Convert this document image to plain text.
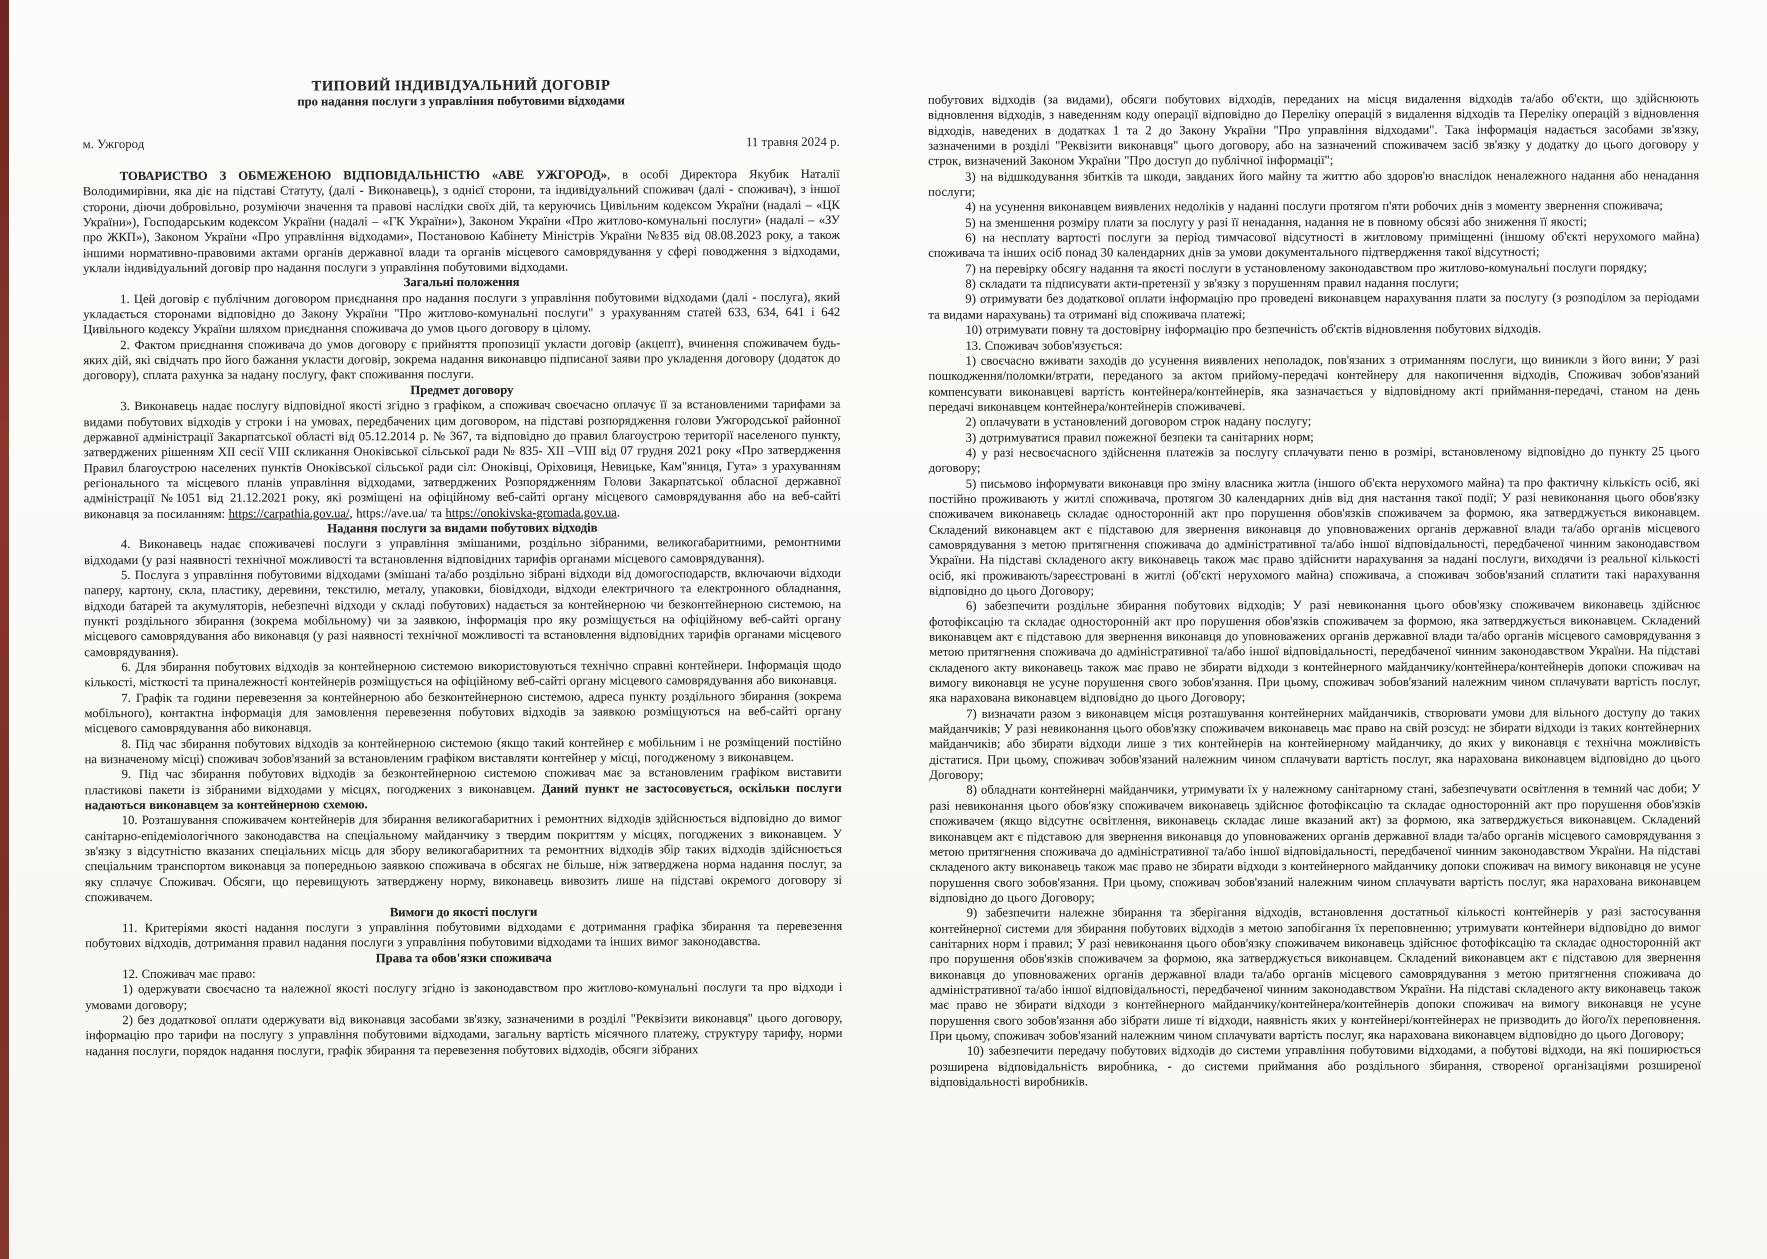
ТИПОВИЙ ІНДИВІДУАЛЬНИЙ ДОГОВІР
про надання послуги з управління побутовими відходами
м. Ужгород	11 травня 2024 р.

ТОВАРИСТВО З ОБМЕЖЕНОЮ ВІДПОВІДАЛЬНІСТЮ «АВЕ УЖГОРОД», в особі Директора Якубик Наталії Володимирівни, яка діє на підставі Статуту, (далі - Виконавець), з однієї сторони, та індивідуальний споживач (далі - споживач), з іншої сторони, діючи добровільно, розуміючи значення та правові наслідки своїх дій, та керуючись Цивільним кодексом України (надалі – «ЦК України»), Господарським кодексом України (надалі – «ГК України»), Законом України «Про житлово-комунальні послуги» (надалі – «ЗУ про ЖКП»), Законом України «Про управління відходами», Постановою Кабінету Міністрів України №835 від 08.08.2023 року, а також іншими нормативно-правовими актами органів державної влади та органів місцевого самоврядування у сфері поводження з відходами, уклали індивідуальний договір про надання послуги з управління побутовими відходами.

Загальні положення

1. Цей договір є публічним договором приєднання про надання послуги з управління побутовими відходами (далі - послуга), який укладається сторонами відповідно до Закону України "Про житлово-комунальні послуги" з урахуванням статей 633, 634, 641 і 642 Цивільного кодексу України шляхом приєднання споживача до умов цього договору в цілому.

2. Фактом приєднання споживача до умов договору є прийняття пропозиції укласти договір (акцепт), вчинення споживачем будь-яких дій, які свідчать про його бажання укласти договір, зокрема надання виконавцю підписаної заяви про укладення договору (додаток до договору), сплата рахунка за надану послугу, факт споживання послуги.

Предмет договору

3. Виконавець надає послугу відповідної якості згідно з графіком, а споживач своєчасно оплачує її за встановленими тарифами за видами побутових відходів у строки і на умовах, передбачених цим договором, на підставі розпорядження голови Ужгородської районної державної адміністрації Закарпатської області від 05.12.2014 р. № 367, та відповідно до правил благоустрою території населеного пункту, затверджених рішенням XII сесії VIII скликання Оноківської сільської ради № 835- XII –VIII від 07 грудня 2021 року «Про затвердження Правил благоустрою населених пунктів Оноківської сільської ради сіл: Оноківці, Оріховиця, Невицьке, Кам"яниця, Гута» з урахуванням регіонального та місцевого планів управління відходами, затверджених Розпорядженням Голови Закарпатської обласної державної адміністрації №1051 від 21.12.2021 року, які розміщені на офіційному веб-сайті органу місцевого самоврядування або на веб-сайті виконавця за посиланням: https://carpathia.gov.ua/, https://ave.ua/ та https://onokivska-gromada.gov.ua.

Надання послуги за видами побутових відходів

4. Виконавець надає споживачеві послуги з управління змішаними, роздільно зібраними, великогабаритними, ремонтними відходами (у разі наявності технічної можливості та встановлення відповідних тарифів органами місцевого самоврядування).

5. Послуга з управління побутовими відходами (змішані та/або роздільно зібрані відходи від домогосподарств, включаючи відходи паперу, картону, скла, пластику, деревини, текстилю, металу, упаковки, біовідходи, відходи електричного та електронного обладнання, відходи батарей та акумуляторів, небезпечні відходи у складі побутових) надається за контейнерною чи безконтейнерною системою, на пункті роздільного збирання (зокрема мобільному) чи за заявкою, інформація про яку розміщується на офіційному веб-сайті органу місцевого самоврядування або виконавця (у разі наявності технічної можливості та встановлення відповідних тарифів органами місцевого самоврядування).

6. Для збирання побутових відходів за контейнерною системою використовуються технічно справні контейнери. Інформація щодо кількості, місткості та приналежності контейнерів розміщується на офіційному веб-сайті органу місцевого самоврядування або виконавця.

7. Графік та години перевезення за контейнерною або безконтейнерною системою, адреса пункту роздільного збирання (зокрема мобільного), контактна інформація для замовлення перевезення побутових відходів за заявкою розміщуються на веб-сайті органу місцевого самоврядування або виконавця.

8. Під час збирання побутових відходів за контейнерною системою (якщо такий контейнер є мобільним і не розміщений постійно на визначеному місці) споживач зобов'язаний за встановленим графіком виставляти контейнер у місці, погодженому з виконавцем.

9. Під час збирання побутових відходів за безконтейнерною системою споживач має за встановленим графіком виставити пластикові пакети із зібраними відходами у місцях, погоджених з виконавцем. Даний пункт не застосовується, оскільки послуги надаються виконавцем за контейнерною схемою.

10. Розташування споживачем контейнерів для збирання великогабаритних і ремонтних відходів здійснюється відповідно до вимог санітарно-епідеміологічного законодавства на спеціальному майданчику з твердим покриттям у місцях, погоджених з виконавцем. У зв'язку з відсутністю вказаних спеціальних місць для збору великогабаритних та ремонтних відходів збір таких відходів здійснюється спеціальним транспортом виконавця за попередньою заявкою споживача в обсягах не більше, ніж затверджена норма надання послуг, за яку сплачує Споживач. Обсяги, що перевищують затверджену норму, виконавець вивозить лише на підставі окремого договору зі споживачем.

Вимоги до якості послуги

11. Критеріями якості надання послуги з управління побутовими відходами є дотримання графіка збирання та перевезення побутових відходів, дотримання правил надання послуги з управління побутовими відходами та інших вимог законодавства.

Права та обов'язки споживача

12. Споживач має право:

1) одержувати своєчасно та належної якості послугу згідно із законодавством про житлово-комунальні послуги та про відходи і умовами договору;

2) без додаткової оплати одержувати від виконавця засобами зв'язку, зазначеними в розділі "Реквізити виконавця" цього договору, інформацію про тарифи на послугу з управління побутовими відходами, загальну вартість місячного платежу, структуру тарифу, норми надання послуги, порядок надання послуги, графік збирання та перевезення побутових відходів, обсяги зібраних

побутових відходів (за видами), обсяги побутових відходів, переданих на місця видалення відходів та/або об'єкти, що здійснюють відновлення відходів, з наведенням коду операції відповідно до Переліку операцій з видалення відходів та Переліку операцій з відновлення відходів, наведених в додатках 1 та 2 до Закону України "Про управління відходами". Така інформація надається засобами зв'язку, зазначеними в розділі "Реквізити виконавця" цього договору, або на зазначений споживачем засіб зв'язку у додатку до цього договору у строк, визначений Законом України "Про доступ до публічної інформації";

3) на відшкодування збитків та шкоди, завданих його майну та життю або здоров'ю внаслідок неналежного надання або ненадання послуги;

4) на усунення виконавцем виявлених недоліків у наданні послуги протягом п'яти робочих днів з моменту звернення споживача;

5) на зменшення розміру плати за послугу у разі її ненадання, надання не в повному обсязі або зниження її якості;

6) на несплату вартості послуги за період тимчасової відсутності в житловому приміщенні (іншому об'єкті нерухомого майна) споживача та інших осіб понад 30 календарних днів за умови документального підтвердження такої відсутності;

7) на перевірку обсягу надання та якості послуги в установленому законодавством про житлово-комунальні послуги порядку;

8) складати та підписувати акти-претензії у зв'язку з порушенням правил надання послуги;

9) отримувати без додаткової оплати інформацію про проведені виконавцем нарахування плати за послугу (з розподілом за періодами та видами нарахувань) та отримані від споживача платежі;

10) отримувати повну та достовірну інформацію про безпечність об'єктів відновлення побутових відходів.

13. Споживач зобов'язується:

1) своєчасно вживати заходів до усунення виявлених неполадок, пов'язаних з отриманням послуги, що виникли з його вини; У разі пошкодження/поломки/втрати, переданого за актом прийому-передачі контейнеру для накопичення відходів, Споживач зобов'язаний компенсувати виконавцеві вартість контейнера/контейнерів, яка зазначається у відповідному акті приймання-передачі, станом на день передачі виконавцем контейнера/контейнерів споживачеві.

2) оплачувати в установлений договором строк надану послугу;

3) дотримуватися правил пожежної безпеки та санітарних норм;

4) у разі несвоєчасного здійснення платежів за послугу сплачувати пеню в розмірі, встановленому відповідно до пункту 25 цього договору;

5) письмово інформувати виконавця про зміну власника житла (іншого об'єкта нерухомого майна) та про фактичну кількість осіб, які постійно проживають у житлі споживача, протягом 30 календарних днів від дня настання такої події; У разі невиконання цього обов'язку споживачем виконавець складає односторонній акт про порушення обов'язків споживачем за формою, яка затверджується виконавцем. Складений виконавцем акт є підставою для звернення виконавця до уповноважених органів державної влади та/або органів місцевого самоврядування з метою притягнення споживача до адміністративної та/або іншої відповідальності, передбаченої чинним законодавством України. На підставі складеного акту виконавець також має право здійснити нарахування за надані послуги, виходячи із реальної кількості осіб, які проживають/зареєстровані в житлі (об'єкті нерухомого майна) споживача, а споживач зобов'язаний сплатити такі нарахування відповідно до цього Договору;

6) забезпечити роздільне збирання побутових відходів; У разі невиконання цього обов'язку споживачем виконавець здійснює фотофіксацію та складає односторонній акт про порушення обов'язків споживачем за формою, яка затверджується виконавцем. Складений виконавцем акт є підставою для звернення виконавця до уповноважених органів державної влади та/або органів місцевого самоврядування з метою притягнення споживача до адміністративної та/або іншої відповідальності, передбаченої чинним законодавством України. На підставі складеного акту виконавець також має право не збирати відходи з контейнерного майданчику/контейнера/контейнерів допоки споживач на вимогу виконавця не усуне порушення свого зобов'язання. При цьому, споживач зобов'язаний належним чином сплачувати вартість послуг, яка нарахована виконавцем відповідно до цього Договору;

7) визначати разом з виконавцем місця розташування контейнерних майданчиків, створювати умови для вільного доступу до таких майданчиків; У разі невиконання цього обов'язку споживачем виконавець має право на свій розсуд: не збирати відходи із таких контейнерних майданчиків; або збирати відходи лише з тих контейнерів на контейнерному майданчику, до яких у виконавця є технічна можливість дістатися. При цьому, споживач зобов'язаний належним чином сплачувати вартість послуг, яка нарахована виконавцем відповідно до цього Договору;

8) обладнати контейнерні майданчики, утримувати їх у належному санітарному стані, забезпечувати освітлення в темний час доби; У разі невиконання цього обов'язку споживачем виконавець здійснює фотофіксацію та складає односторонній акт про порушення обов'язків споживачем (якщо відсутнє освітлення, виконавець складає лише вказаний акт) за формою, яка затверджується виконавцем. Складений виконавцем акт є підставою для звернення виконавця до уповноважених органів державної влади та/або органів місцевого самоврядування з метою притягнення споживача до адміністративної та/або іншої відповідальності, передбаченої чинним законодавством України. На підставі складеного акту виконавець також має право не збирати відходи з контейнерного майданчику допоки споживач на вимогу виконавця не усуне порушення свого зобов'язання. При цьому, споживач зобов'язаний належним чином сплачувати вартість послуг, яка нарахована виконавцем відповідно до цього Договору;

9) забезпечити належне збирання та зберігання відходів, встановлення достатньої кількості контейнерів у разі застосування контейнерної системи для збирання побутових відходів з метою запобігання їх переповненню; утримувати контейнери відповідно до вимог санітарних норм і правил; У разі невиконання цього обов'язку споживачем виконавець здійснює фотофіксацію та складає односторонній акт про порушення обов'язків споживачем за формою, яка затверджується виконавцем. Складений виконавцем акт є підставою для звернення виконавця до уповноважених органів державної влади та/або органів місцевого самоврядування з метою притягнення споживача до адміністративної та/або іншої відповідальності, передбаченої чинним законодавством України. На підставі складеного акту виконавець також має право не збирати відходи з контейнерного майданчику/контейнера/контейнерів допоки споживач на вимогу виконавця не усуне порушення свого зобов'язання або зібрати лише ті відходи, наявність яких у контейнері/контейнерах не призводить до його/їх переповнення. При цьому, споживач зобов'язаний належним чином сплачувати вартість послуг, яка нарахована виконавцем відповідно до цього Договору;

10) забезпечити передачу побутових відходів до системи управління побутовими відходами, а побутові відходи, на які поширюється розширена відповідальність виробника, - до системи приймання або роздільного збирання, створеної організаціями розширеної відповідальності виробників.
